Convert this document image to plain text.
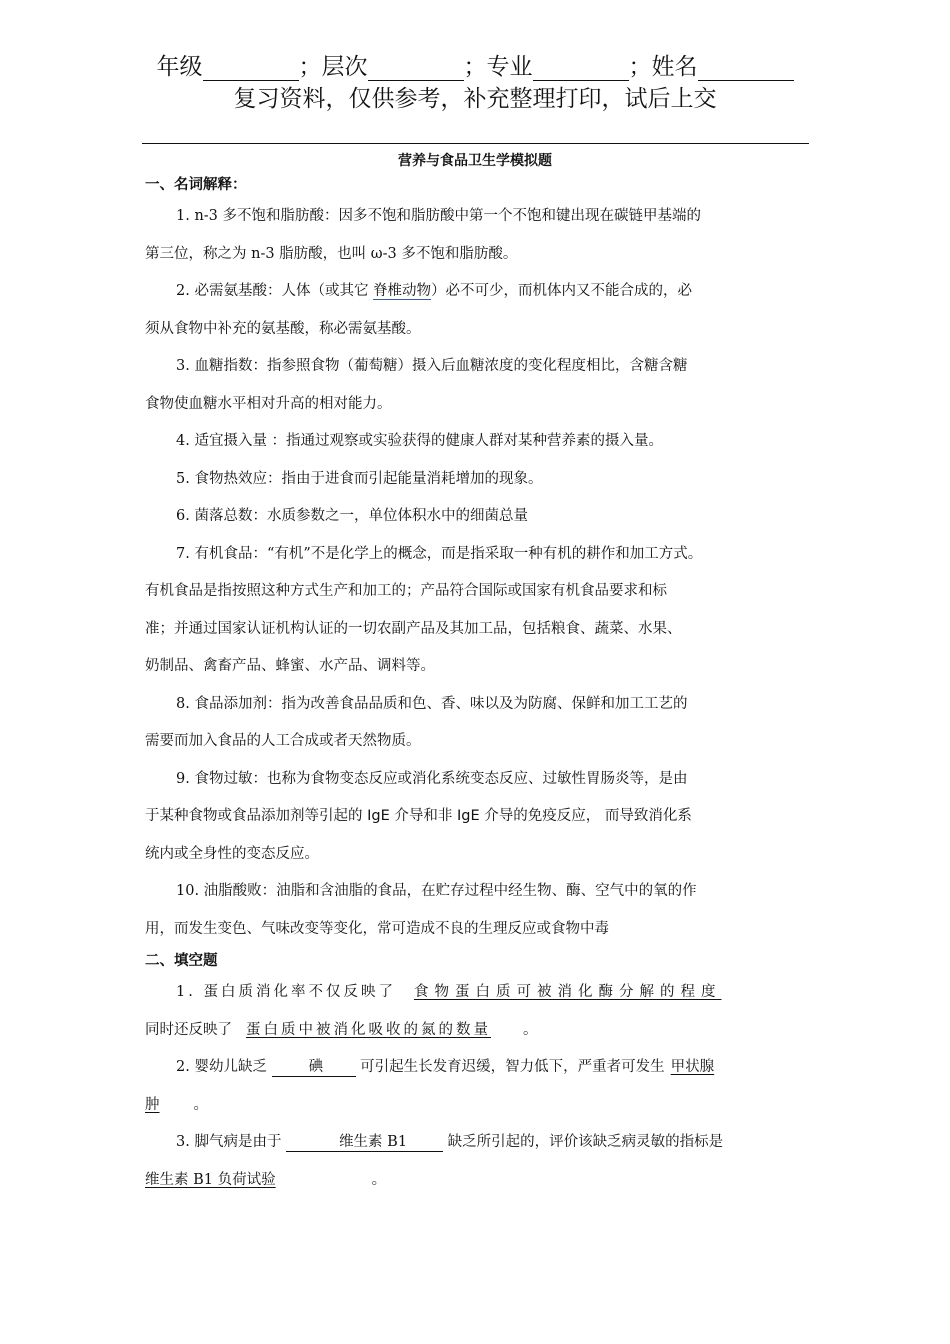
年级	；层次	；专业	；姓名
复习资料，仅供参考，补充整理打印，试后上交
营养与食品卫生学模拟题
一、名词解释：

1. n-3 多不饱和脂肪酸：因多不饱和脂肪酸中第一个不饱和键出现在碳链甲基端的

第三位，称之为 n-3 脂肪酸，也叫 ω-3 多不饱和脂肪酸。

2. 必需氨基酸：人体（或其它 脊椎动物）必不可少，而机体内又不能合成的，必

须从食物中补充的氨基酸，称必需氨基酸。

3. 血糖指数：指参照食物（葡萄糖）摄入后血糖浓度的变化程度相比，含糖含糖

食物使血糖水平相对升高的相对能力。

4. 适宜摄入量 ：指通过观察或实验获得的健康人群对某种营养素的摄入量。

5. 食物热效应：指由于进食而引起能量消耗增加的现象。

6. 菌落总数：水质参数之一，单位体积水中的细菌总量

7. 有机食品：“有机”不是化学上的概念，而是指采取一种有机的耕作和加工方式。

有机食品是指按照这种方式生产和加工的；产品符合国际或国家有机食品要求和标

准；并通过国家认证机构认证的一切农副产品及其加工品，包括粮食、蔬菜、水果、

奶制品、禽畜产品、蜂蜜、水产品、调料等。

8. 食品添加剂：指为改善食品品质和色、香、味以及为防腐、保鲜和加工工艺的

需要而加入食品的人工合成或者天然物质。

9. 食物过敏：也称为食物变态反应或消化系统变态反应、过敏性胃肠炎等，是由

于某种食物或食品添加剂等引起的 IgE 介导和非 IgE 介导的免疫反应， 而导致消化系

统内或全身性的变态反应。

10. 油脂酸败：油脂和含油脂的食品，在贮存过程中经生物、酶、空气中的氧的作

用，而发生变色、气味改变等变化，常可造成不良的生理反应或食物中毒

二、填空题

1. 蛋白质消化率不仅反映了 食物蛋白质可被消化酶分解的程度

同时还反映了 蛋白质中被消化吸收的氮的数量 。

2. 婴幼儿缺乏	碘 可引起生长发育迟缓，智力低下，严重者可发生 甲状腺

肿 。

3. 脚气病是由于	维生素 B1 缺乏所引起的，评价该缺乏病灵敏的指标是

维生素 B1 负荷试验	。
